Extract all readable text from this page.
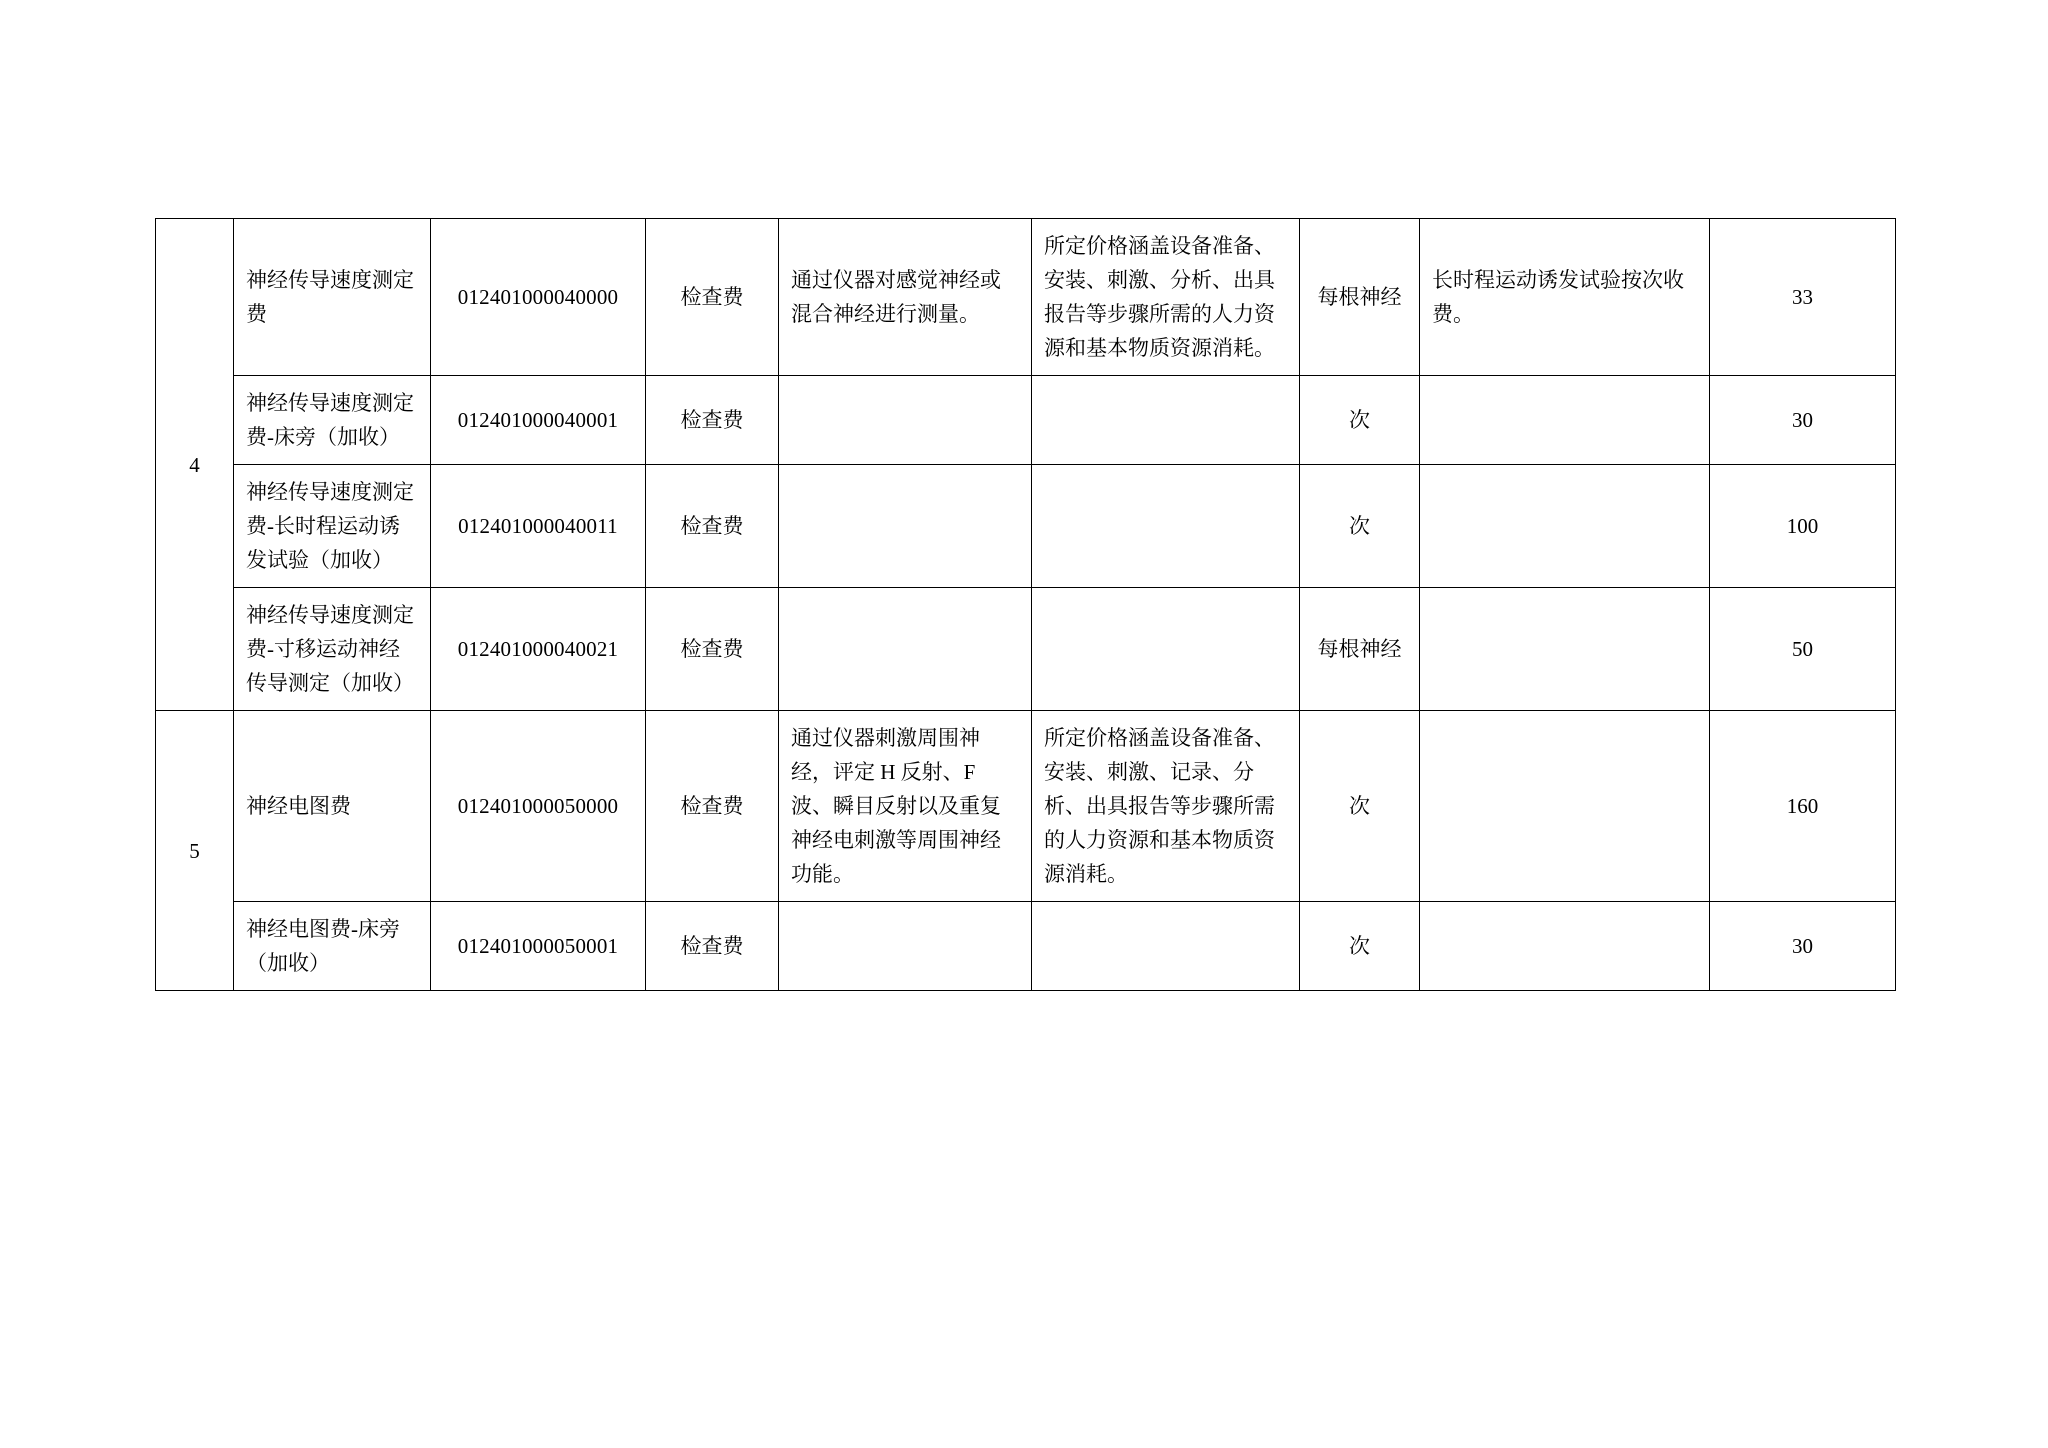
4	神经传导速度测定费	012401000040000	检查费	通过仪器对感觉神经或混合神经进行测量。	所定价格涵盖设备准备、安装、刺激、分析、出具报告等步骤所需的人力资源和基本物质资源消耗。	每根神经	长时程运动诱发试验按次收费。	33
	神经传导速度测定费-床旁（加收）	012401000040001	检查费			次		30
	神经传导速度测定费-长时程运动诱发试验（加收）	012401000040011	检查费			次		100
	神经传导速度测定费-寸移运动神经传导测定（加收）	012401000040021	检查费			每根神经		50
5	神经电图费	012401000050000	检查费	通过仪器刺激周围神经，评定 H 反射、F 波、瞬目反射以及重复神经电刺激等周围神经功能。	所定价格涵盖设备准备、安装、刺激、记录、分析、出具报告等步骤所需的人力资源和基本物质资源消耗。	次		160
	神经电图费-床旁（加收）	012401000050001	检查费			次		30
